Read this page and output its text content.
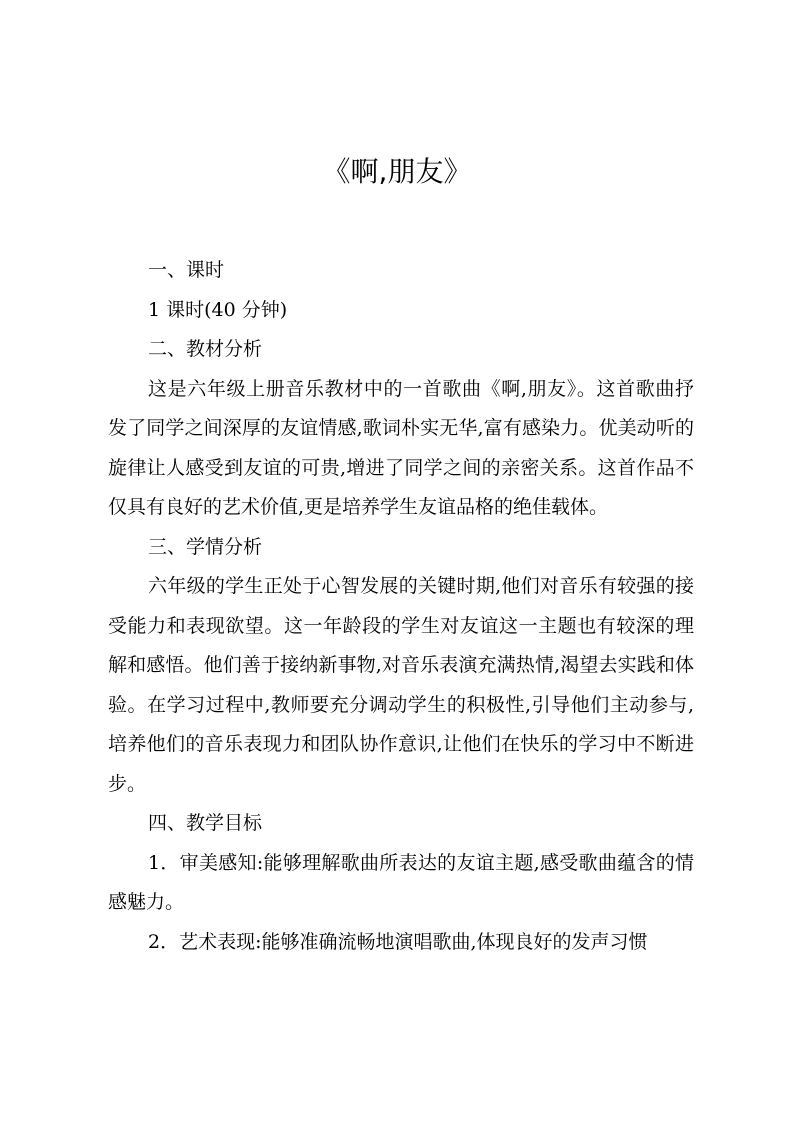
《啊,朋友》

一、课时

1 课时(40 分钟)

二、教材分析

这是六年级上册音乐教材中的一首歌曲《啊,朋友》。这首歌曲抒发了同学之间深厚的友谊情感,歌词朴实无华,富有感染力。优美动听的旋律让人感受到友谊的可贵,增进了同学之间的亲密关系。这首作品不仅具有良好的艺术价值,更是培养学生友谊品格的绝佳载体。

三、学情分析

六年级的学生正处于心智发展的关键时期,他们对音乐有较强的接受能力和表现欲望。这一年龄段的学生对友谊这一主题也有较深的理解和感悟。他们善于接纳新事物,对音乐表演充满热情,渴望去实践和体验。在学习过程中,教师要充分调动学生的积极性,引导他们主动参与,培养他们的音乐表现力和团队协作意识,让他们在快乐的学习中不断进步。

四、教学目标

1．审美感知:能够理解歌曲所表达的友谊主题,感受歌曲蕴含的情感魅力。

2．艺术表现:能够准确流畅地演唱歌曲,体现良好的发声习惯
